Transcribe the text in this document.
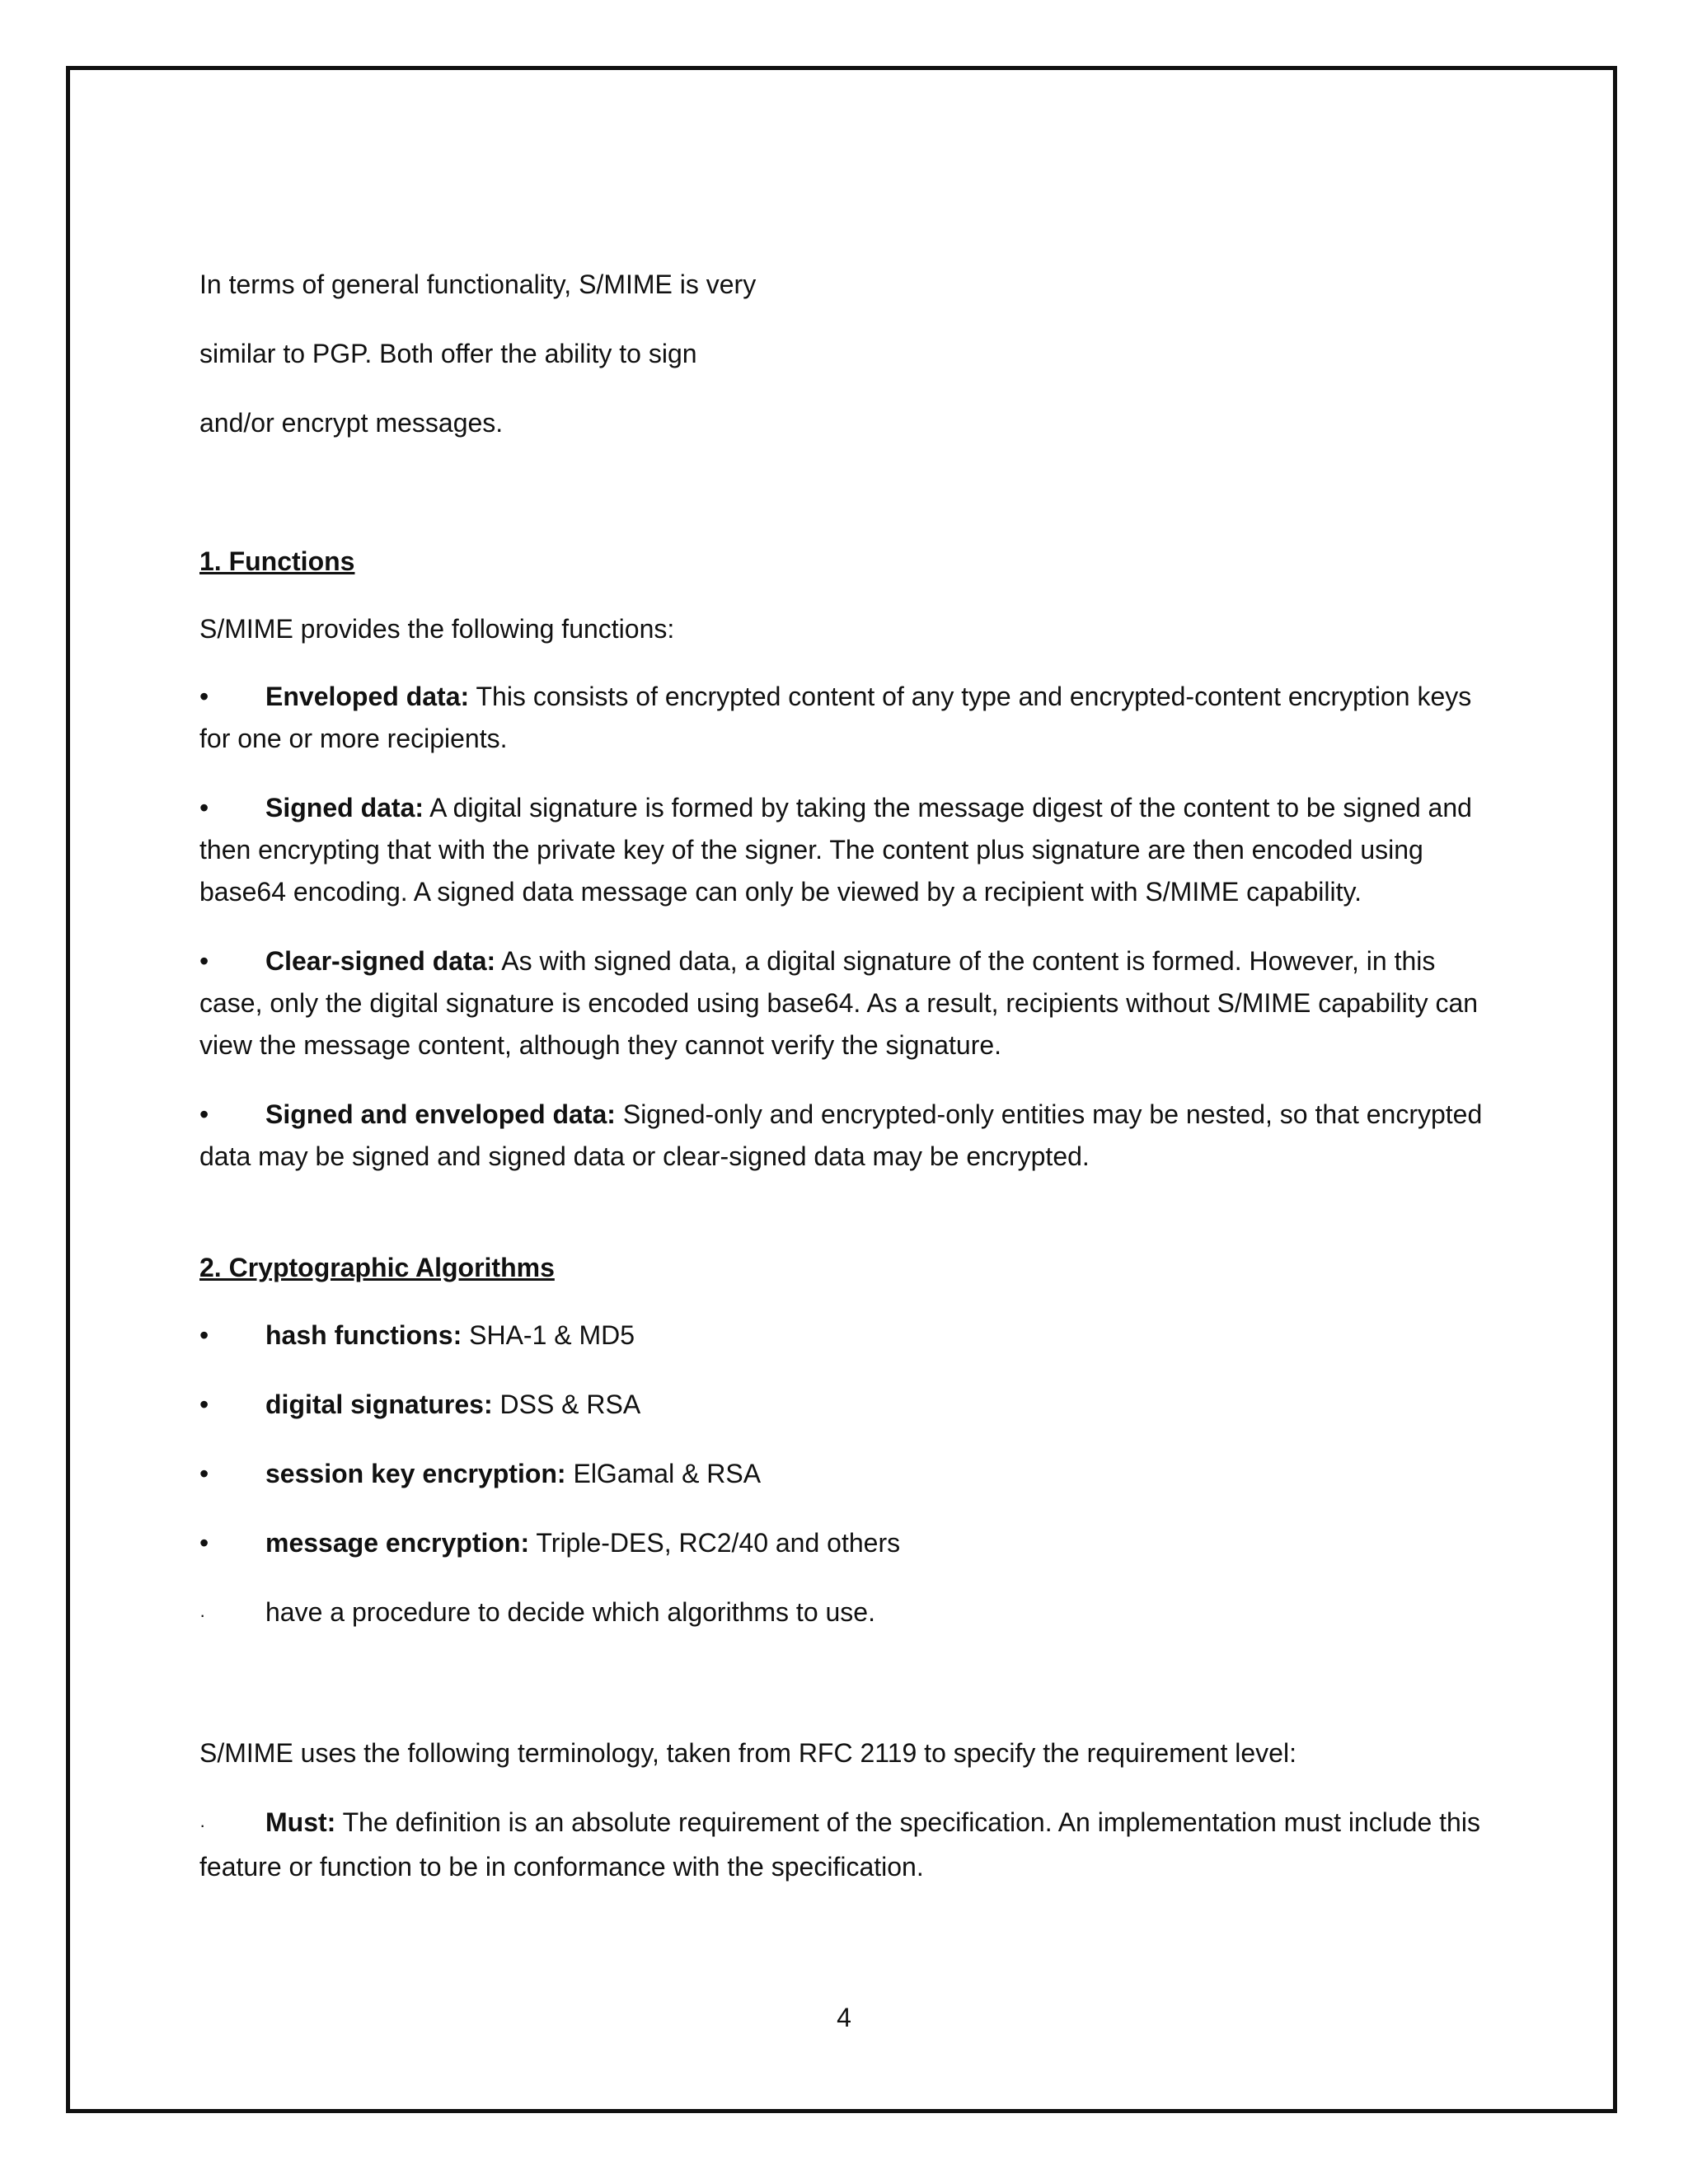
In terms of general functionality, S/MIME is very

similar to PGP. Both offer the ability to sign

and/or encrypt messages.

1. Functions

S/MIME provides the following functions:

• Enveloped data: This consists of encrypted content of any type and encrypted-content encryption keys for one or more recipients.

• Signed data: A digital signature is formed by taking the message digest of the content to be signed and then encrypting that with the private key of the signer. The content plus signature are then encoded using base64 encoding. A signed data message can only be viewed by a recipient with S/MIME capability.

• Clear-signed data: As with signed data, a digital signature of the content is formed. However, in this case, only the digital signature is encoded using base64. As a result, recipients without S/MIME capability can view the message content, although they cannot verify the signature.

• Signed and enveloped data: Signed-only and encrypted-only entities may be nested, so that encrypted data may be signed and signed data or clear-signed data may be encrypted.

2. Cryptographic Algorithms

• hash functions: SHA-1 & MD5

• digital signatures: DSS & RSA

• session key encryption: ElGamal & RSA

• message encryption: Triple-DES, RC2/40 and others

· have a procedure to decide which algorithms to use.

S/MIME uses the following terminology, taken from RFC 2119 to specify the requirement level:

· Must: The definition is an absolute requirement of the specification. An implementation must include this feature or function to be in conformance with the specification.

4
